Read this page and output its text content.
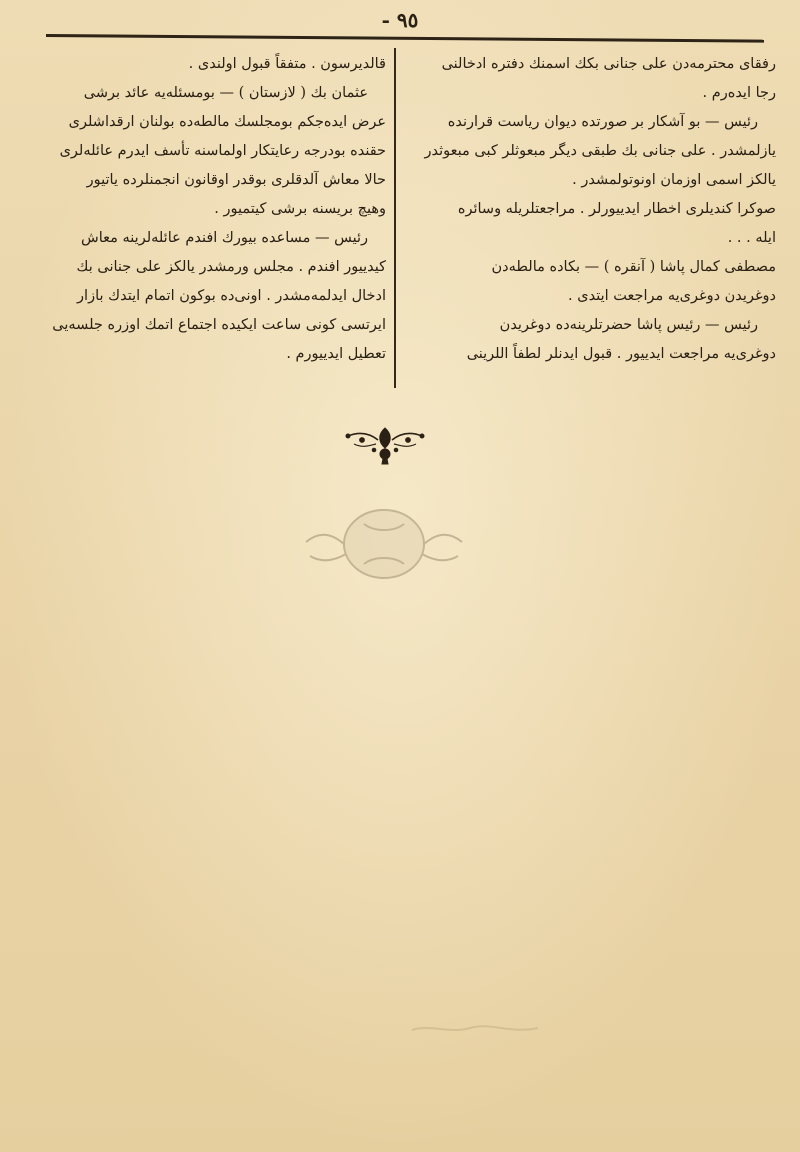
- ٩٥
رفقای محترمه‌دن علی جنانی بكك اسمنك دفتره ادخالنی
رجا ایده‌رم .
رئیس — بو آشكار بر صورتده دیوان ریاست قرارنده
یازلمشدر . علی جنانی بك طبقی دیگر مبعوثلر كبی مبعوثدر
یالكز اسمی اوزمان اونوتولمشدر .
صوكرا كندیلری اخطار ایدییورلر . مراجعتلریله وسائره
ایله . . .
مصطفی كمال پاشا ( آنقره ) — بكاده مالطه‌دن
دوغریدن دوغری‌یه مراجعت ایتدی .
رئیس — رئیس پاشا حضرتلرینه‌ده دوغریدن
دوغری‌یه مراجعت ایدییور . قبول ایدنلر لطفاً اللرینی
قالدیرسون . متفقاً قبول اولندی .
عثمان بك ( لازستان ) — بومسئله‌یه عائد برشی
عرض ایده‌جكم بومجلسك مالطه‌ده بولنان ارقداشلری
حقنده بودرجه رعایتكار اولماسنه تأسف ایدرم عائله‌لری
حالا معاش آلدقلری بوقدر اوقانون انجمنلرده یاتیور
وهیچ بریسنه برشی كیتمیور .
رئیس — مساعده بیورك افندم عائله‌لرینه معاش
كیدییور افندم . مجلس ورمشدر یالكز علی جنانی بك
ادخال ایدلمه‌مشدر . اونی‌ده بوكون اتمام ایتدك بازار
ایرتسی كونی ساعت ایكیده اجتماع اتمك اوزره جلسه‌یی
تعطیل ایدییورم .
